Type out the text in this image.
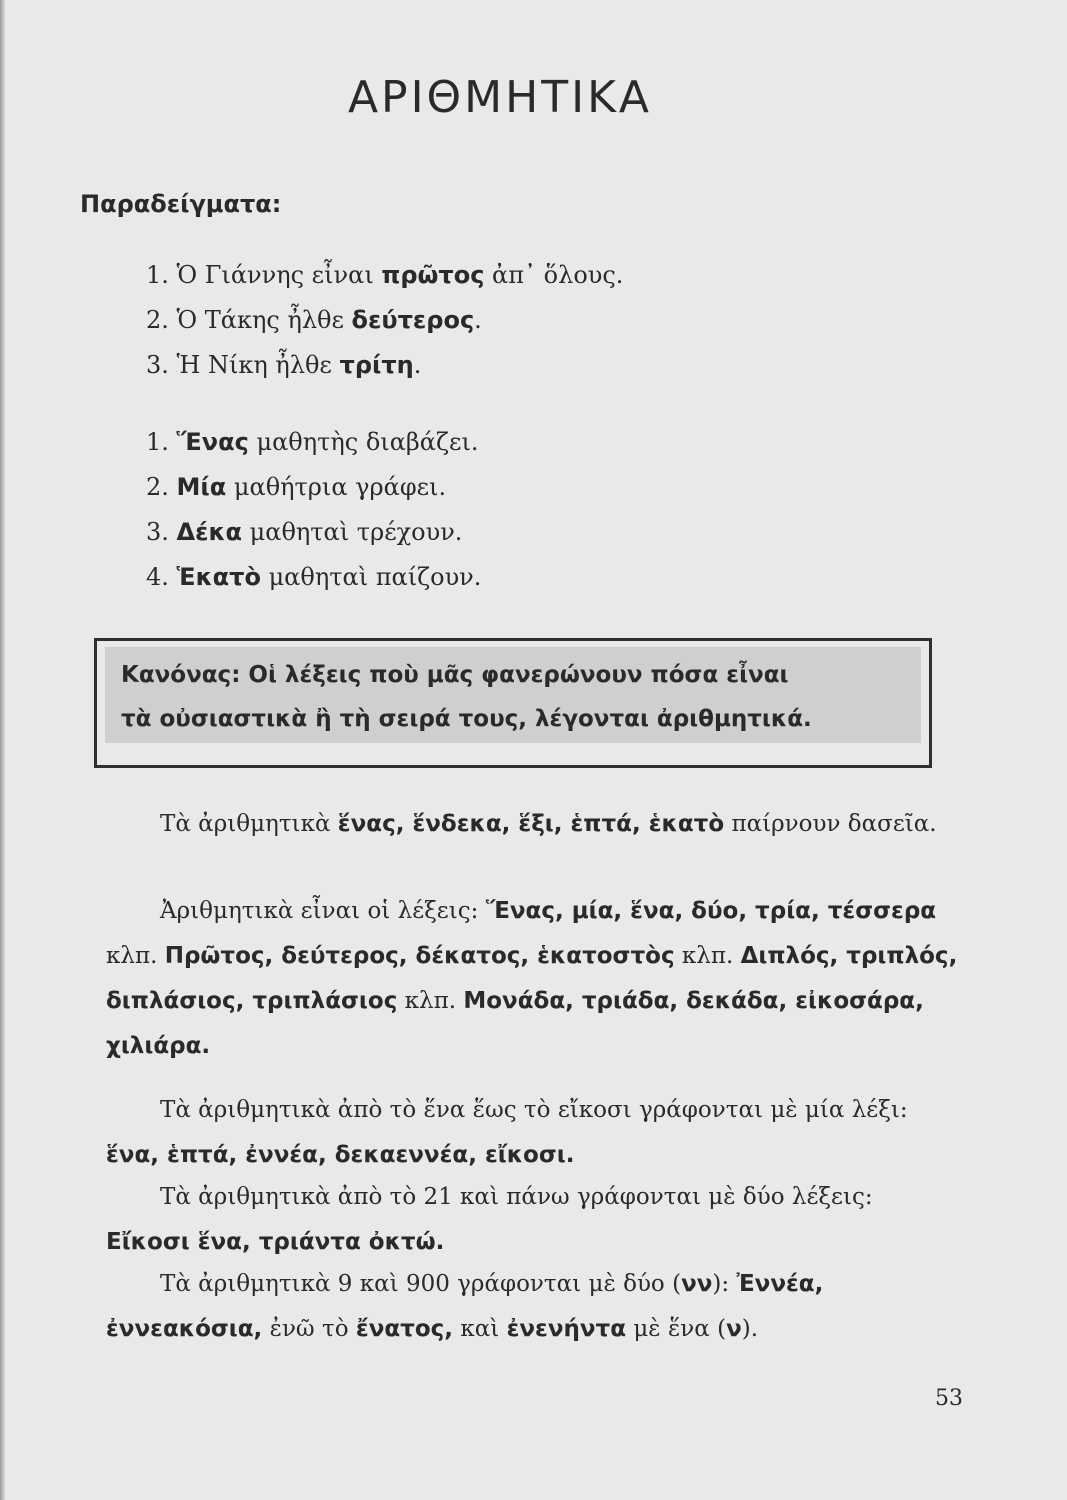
ΑΡΙΘΜΗΤΙΚΑ
Παραδείγματα:
1. Ὁ Γιάννης εἶναι πρῶτος ἀπ᾽ ὅλους.
2. Ὁ Τάκης ἦλθε δεύτερος.
3. Ἡ Νίκη ἦλθε τρίτη.
1. Ἕνας μαθητὴς διαβάζει.
2. Μία μαθήτρια γράφει.
3. Δέκα μαθηταὶ τρέχουν.
4. Ἑκατὸ μαθηταὶ παίζουν.
Κανόνας: Οἱ λέξεις ποὺ μᾶς φανερώνουν πόσα εἶναι
τὰ οὐσιαστικὰ ἢ τὴ σειρά τους, λέγονται ἀριθμητικά.
Τὰ ἀριθμητικὰ ἕνας, ἕνδεκα, ἕξι, ἑπτά, ἑκατὸ παίρνουν δασεῖα.
Ἀριθμητικὰ εἶναι οἱ λέξεις: Ἕνας, μία, ἕνα, δύο, τρία, τέσσερα κλπ. Πρῶτος, δεύτερος, δέκατος, ἑκατοστὸς κλπ. Διπλός, τριπλός, διπλάσιος, τριπλάσιος κλπ. Μονάδα, τριάδα, δεκάδα, εἰκοσάρα, χιλιάρα.
Τὰ ἀριθμητικὰ ἀπὸ τὸ ἕνα ἕως τὸ εἴκοσι γράφονται μὲ μία λέξι: ἕνα, ἑπτά, ἐννέα, δεκαεννέα, εἴκοσι.
Τὰ ἀριθμητικὰ ἀπὸ τὸ 21 καὶ πάνω γράφονται μὲ δύο λέξεις: Εἴκοσι ἕνα, τριάντα ὀκτώ.
Τὰ ἀριθμητικὰ 9 καὶ 900 γράφονται μὲ δύο (νν): Ἐννέα, ἐννεακόσια, ἐνῶ τὸ ἔνατος, καὶ ἐνενήντα μὲ ἕνα (ν).
53
